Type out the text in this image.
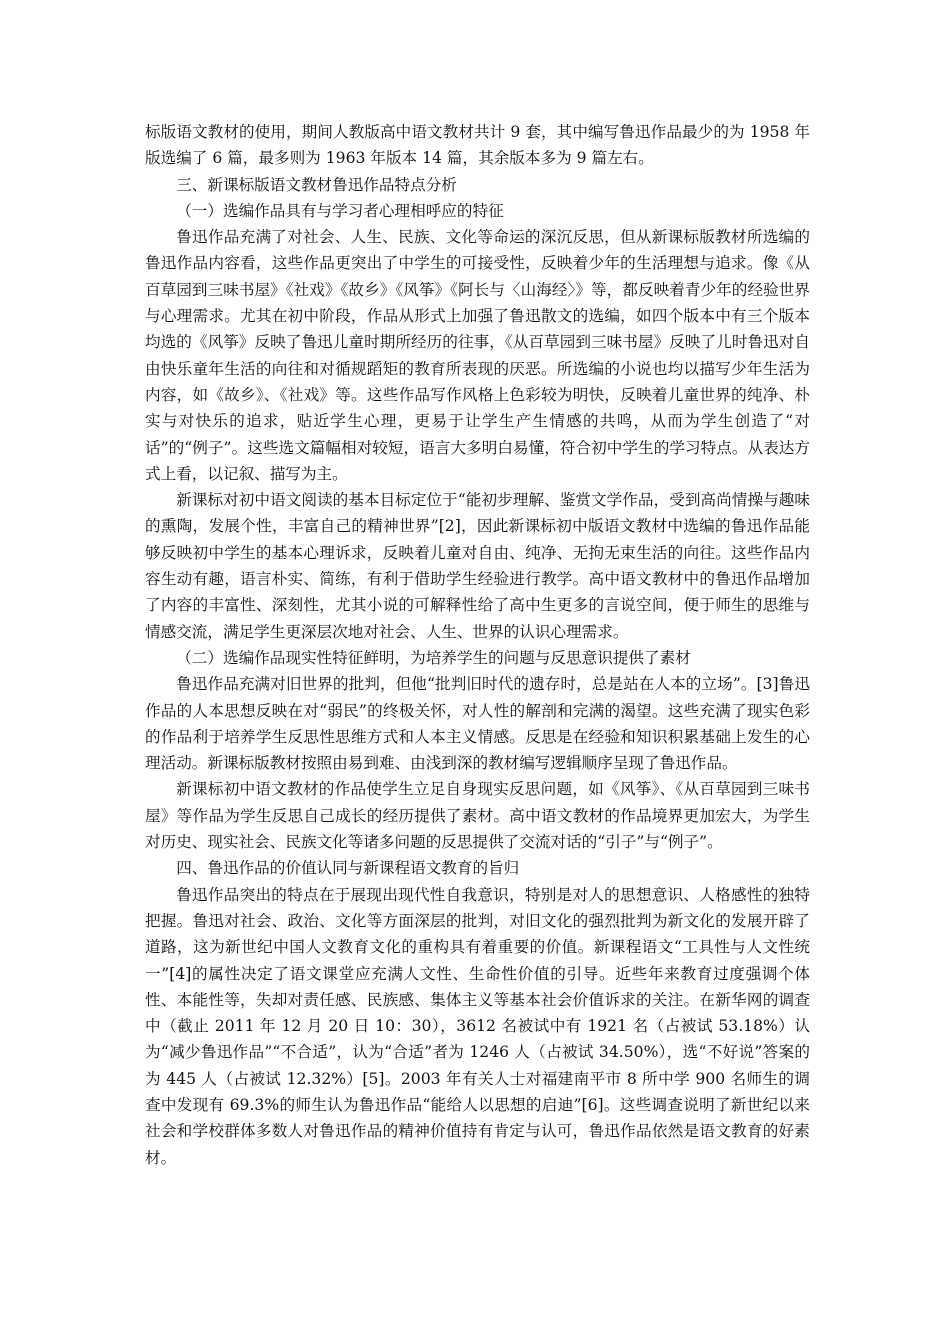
标版语文教材的使用，期间人教版高中语文教材共计 9 套，其中编写鲁迅作品最少的为 1958 年版选编了 6 篇，最多则为 1963 年版本 14 篇，其余版本多为 9 篇左右。

三、新课标版语文教材鲁迅作品特点分析

（一）选编作品具有与学习者心理相呼应的特征

鲁迅作品充满了对社会、人生、民族、文化等命运的深沉反思，但从新课标版教材所选编的鲁迅作品内容看，这些作品更突出了中学生的可接受性，反映着少年的生活理想与追求。像《从百草园到三味书屋》《社戏》《故乡》《风筝》《阿长与〈山海经〉》等，都反映着青少年的经验世界与心理需求。尤其在初中阶段，作品从形式上加强了鲁迅散文的选编，如四个版本中有三个版本均选的《风筝》反映了鲁迅儿童时期所经历的往事，《从百草园到三味书屋》反映了儿时鲁迅对自由快乐童年生活的向往和对循规蹈矩的教育所表现的厌恶。所选编的小说也均以描写少年生活为内容，如《故乡》、《社戏》等。这些作品写作风格上色彩较为明快，反映着儿童世界的纯净、朴实与对快乐的追求，贴近学生心理，更易于让学生产生情感的共鸣，从而为学生创造了“对话”的“例子”。这些选文篇幅相对较短，语言大多明白易懂，符合初中学生的学习特点。从表达方式上看，以记叙、描写为主。

新课标对初中语文阅读的基本目标定位于“能初步理解、鉴赏文学作品，受到高尚情操与趣味的熏陶，发展个性，丰富自己的精神世界”[2]，因此新课标初中版语文教材中选编的鲁迅作品能够反映初中学生的基本心理诉求，反映着儿童对自由、纯净、无拘无束生活的向往。这些作品内容生动有趣，语言朴实、简练，有利于借助学生经验进行教学。高中语文教材中的鲁迅作品增加了内容的丰富性、深刻性，尤其小说的可解释性给了高中生更多的言说空间，便于师生的思维与情感交流，满足学生更深层次地对社会、人生、世界的认识心理需求。

（二）选编作品现实性特征鲜明，为培养学生的问题与反思意识提供了素材

鲁迅作品充满对旧世界的批判，但他“批判旧时代的遗存时，总是站在人本的立场”。[3]鲁迅作品的人本思想反映在对“弱民”的终极关怀，对人性的解剖和完满的渴望。这些充满了现实色彩的作品利于培养学生反思性思维方式和人本主义情感。反思是在经验和知识积累基础上发生的心理活动。新课标版教材按照由易到难、由浅到深的教材编写逻辑顺序呈现了鲁迅作品。

新课标初中语文教材的作品使学生立足自身现实反思问题，如《风筝》、《从百草园到三味书屋》等作品为学生反思自己成长的经历提供了素材。高中语文教材的作品境界更加宏大，为学生对历史、现实社会、民族文化等诸多问题的反思提供了交流对话的“引子”与“例子”。

四、鲁迅作品的价值认同与新课程语文教育的旨归

鲁迅作品突出的特点在于展现出现代性自我意识，特别是对人的思想意识、人格感性的独特把握。鲁迅对社会、政治、文化等方面深层的批判，对旧文化的强烈批判为新文化的发展开辟了道路，这为新世纪中国人文教育文化的重构具有着重要的价值。新课程语文“工具性与人文性统一”[4]的属性决定了语文课堂应充满人文性、生命性价值的引导。近些年来教育过度强调个体性、本能性等，失却对责任感、民族感、集体主义等基本社会价值诉求的关注。在新华网的调查中（截止 2011 年 12 月 20 日 10：30），3612 名被试中有 1921 名（占被试 53.18%）认为“减少鲁迅作品”“不合适”，认为“合适”者为 1246 人（占被试 34.50%），选“不好说”答案的为 445 人（占被试 12.32%）[5]。2003 年有关人士对福建南平市 8 所中学 900 名师生的调查中发现有 69.3%的师生认为鲁迅作品“能给人以思想的启迪”[6]。这些调查说明了新世纪以来社会和学校群体多数人对鲁迅作品的精神价值持有肯定与认可，鲁迅作品依然是语文教育的好素材。
